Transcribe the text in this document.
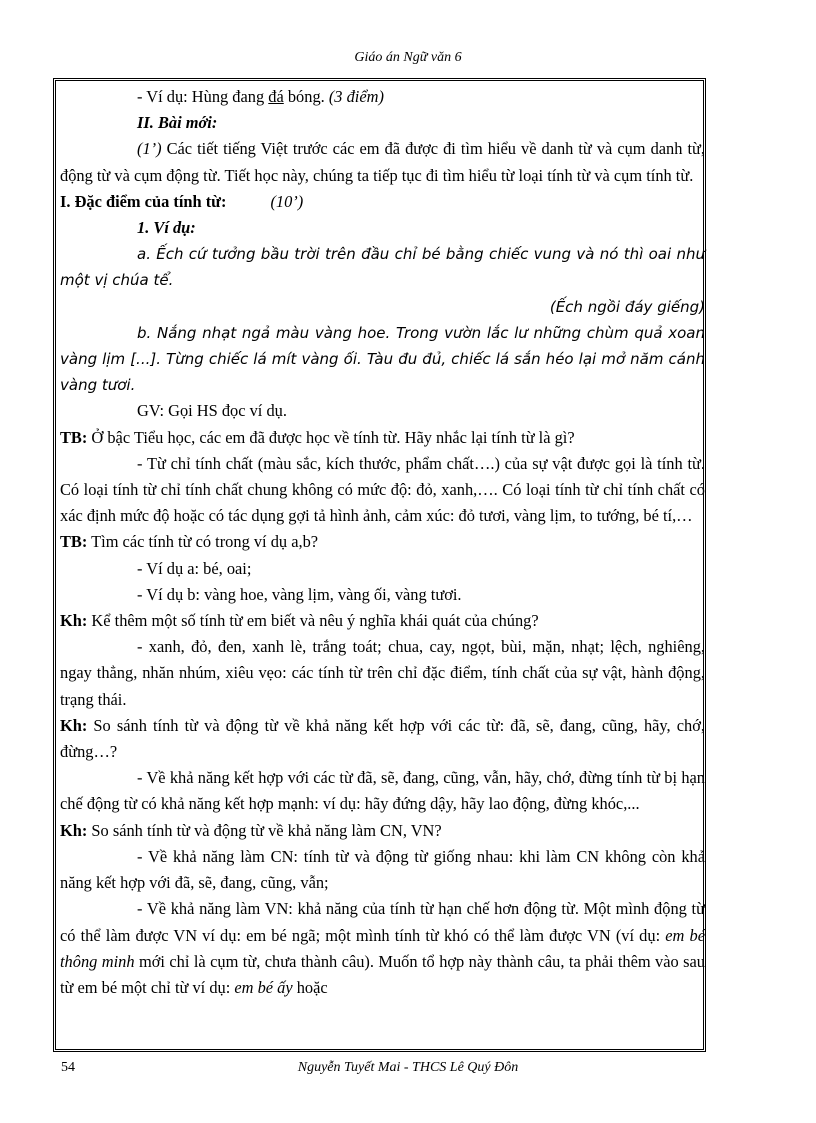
Giáo án Ngữ văn 6

- Ví dụ: Hùng đang đá bóng. (3 điểm)

II. Bài mới:

(1’) Các tiết tiếng Việt trước các em đã được đi tìm hiểu về danh từ và cụm danh từ, động từ và cụm động từ. Tiết học này, chúng ta tiếp tục đi tìm hiểu từ loại tính từ và cụm tính từ.

I. Đặc điểm của tính từ:	(10’)

1. Ví dụ:

a. Ếch cứ tưởng bầu trời trên đầu chỉ bé bằng chiếc vung và nó thì oai như một vị chúa tể.

(Ếch ngồi đáy giếng)

b. Nắng nhạt ngả màu vàng hoe. Trong vườn lắc lư những chùm quả xoan vàng lịm [...]. Từng chiếc lá mít vàng ối. Tàu đu đủ, chiếc lá sắn héo lại mở năm cánh vàng tươi.

GV: Gọi HS đọc ví dụ.

TB: Ở bậc Tiểu học, các em đã được học về tính từ. Hãy nhắc lại tính từ là gì?

- Từ chỉ tính chất (màu sắc, kích thước, phẩm chất….) của sự vật được gọi là tính từ. Có loại tính từ chỉ tính chất chung không có mức độ: đỏ, xanh,…. Có loại tính từ chỉ tính chất có xác định mức độ hoặc có tác dụng gợi tả hình ảnh, cảm xúc: đỏ tươi, vàng lịm, to tướng, bé tí,…

TB: Tìm các tính từ có trong ví dụ a,b?

- Ví dụ a: bé, oai;

- Ví dụ b: vàng hoe, vàng lịm, vàng ối, vàng tươi.

Kh: Kể thêm một số tính từ em biết và nêu ý nghĩa khái quát của chúng?

- xanh, đỏ, đen, xanh lè, trắng toát; chua, cay, ngọt, bùi, mặn, nhạt; lệch, nghiêng, ngay thẳng, nhăn nhúm, xiêu vẹo: các tính từ trên chỉ đặc điểm, tính chất của sự vật, hành động, trạng thái.

Kh: So sánh tính từ và động từ về khả năng kết hợp với các từ: đã, sẽ, đang, cũng, hãy, chớ, đừng…?

- Về khả năng kết hợp với các từ đã, sẽ, đang, cũng, vẫn, hãy, chớ, đừng tính từ bị hạn chế động từ có khả năng kết hợp mạnh: ví dụ: hãy đứng dậy, hãy lao động, đừng khóc,...

Kh: So sánh tính từ và động từ về khả năng làm CN, VN?

- Về khả năng làm CN: tính từ và động từ giống nhau: khi làm CN không còn khả năng kết hợp với đã, sẽ, đang, cũng, vẫn;

- Về khả năng làm VN: khả năng của tính từ hạn chế hơn động từ. Một mình động từ có thể làm được VN ví dụ: em bé ngã; một mình tính từ khó có thể làm được VN (ví dụ: em bé thông minh mới chỉ là cụm từ, chưa thành câu). Muốn tổ hợp này thành câu, ta phải thêm vào sau từ em bé một chỉ từ ví dụ: em bé ấy hoặc

54	Nguyễn Tuyết Mai - THCS Lê Quý Đôn
